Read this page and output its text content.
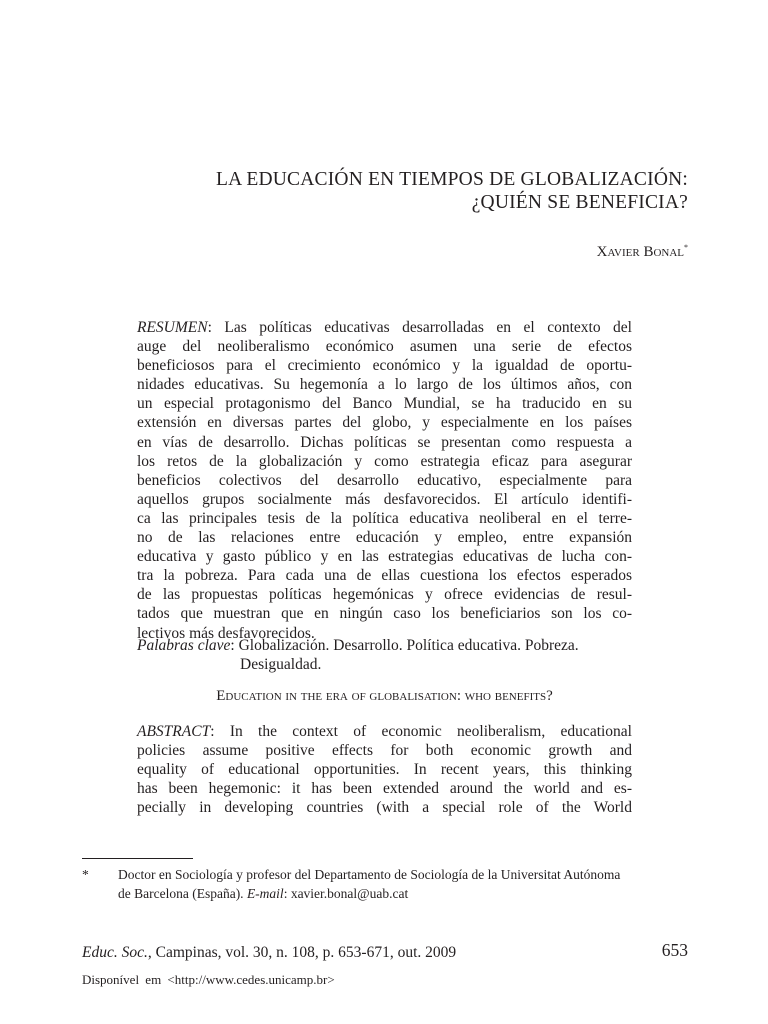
LA EDUCACIÓN EN TIEMPOS DE GLOBALIZACIÓN:
¿QUIÉN SE BENEFICIA?
Xavier Bonal*
RESUMEN: Las políticas educativas desarrolladas en el contexto del
auge del neoliberalismo económico asumen una serie de efectos
beneficiosos para el crecimiento económico y la igualdad de oportu-
nidades educativas. Su hegemonía a lo largo de los últimos años, con
un especial protagonismo del Banco Mundial, se ha traducido en su
extensión en diversas partes del globo, y especialmente en los países
en vías de desarrollo. Dichas políticas se presentan como respuesta a
los retos de la globalización y como estrategia eficaz para asegurar
beneficios colectivos del desarrollo educativo, especialmente para
aquellos grupos socialmente más desfavorecidos. El artículo identifi-
ca las principales tesis de la política educativa neoliberal en el terre-
no de las relaciones entre educación y empleo, entre expansión
educativa y gasto público y en las estrategias educativas de lucha con-
tra la pobreza. Para cada una de ellas cuestiona los efectos esperados
de las propuestas políticas hegemónicas y ofrece evidencias de resul-
tados que muestran que en ningún caso los beneficiarios son los co-
lectivos más desfavorecidos.
Palabras clave: Globalización. Desarrollo. Política educativa. Pobreza.
Desigualdad.
Education in the era of globalisation: who benefits?
ABSTRACT: In the context of economic neoliberalism, educational
policies assume positive effects for both economic growth and
equality of educational opportunities. In recent years, this thinking
has been hegemonic: it has been extended around the world and es-
pecially in developing countries (with a special role of the World
* Doctor en Sociología y profesor del Departamento de Sociología de la Universitat Autónoma
de Barcelona (España). E-mail: xavier.bonal@uab.cat
Educ. Soc., Campinas, vol. 30, n. 108, p. 653-671, out. 2009	653
Disponível em <http://www.cedes.unicamp.br>
